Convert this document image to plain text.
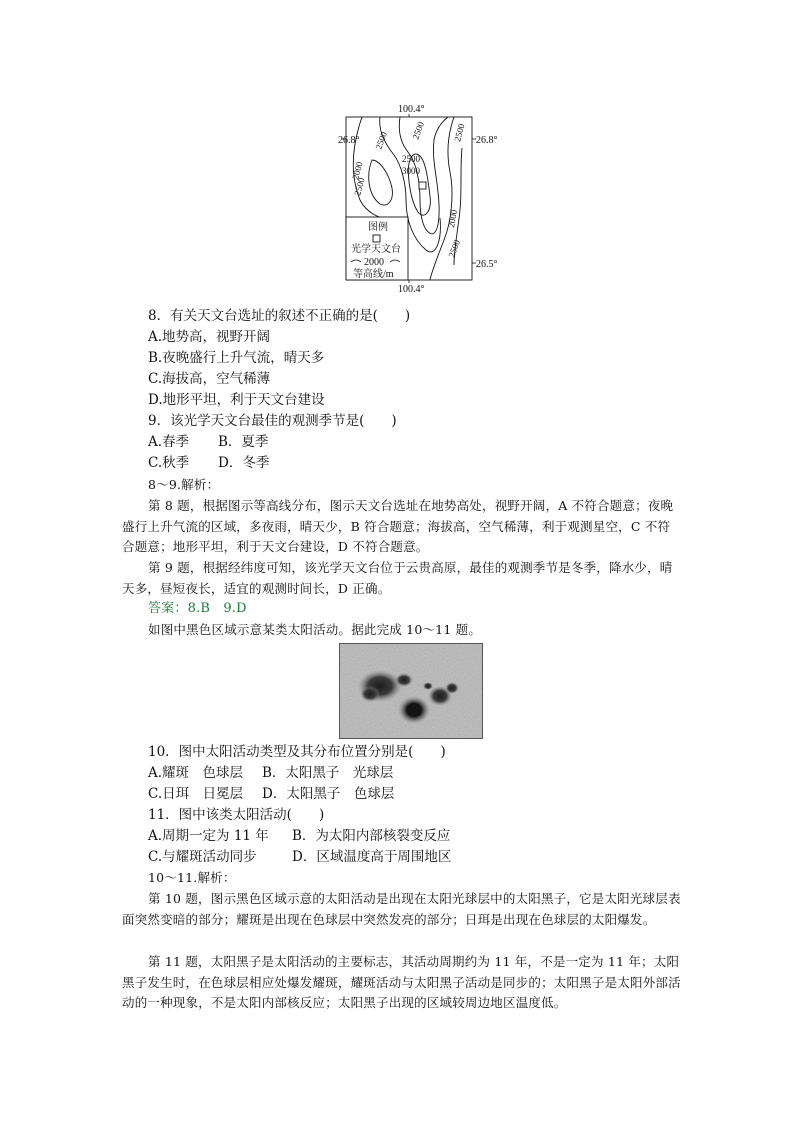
100.4°
26.8°	26.8°
26.5°
100.4°
2000
2500
2500 2500
2500
3000
2500
2000
2500
图例
光学天文台
2000
等高线/m
8．有关天文台选址的叙述不正确的是(　　)
A.地势高，视野开阔
B.夜晚盛行上升气流，晴天多
C.海拔高，空气稀薄
D.地形平坦，利于天文台建设
9．该光学天文台最佳的观测季节是(　　)
A.春季 B．夏季
C.秋季 D．冬季
8～9.解析：
第 8 题，根据图示等高线分布，图示天文台选址在地势高处，视野开阔，A 不符合题意；夜晚盛行上升气流的区域，多夜雨，晴天少，B 符合题意；海拔高，空气稀薄，利于观测星空，C 不符合题意；地形平坦，利于天文台建设，D 不符合题意。
第 9 题，根据经纬度可知，该光学天文台位于云贵高原，最佳的观测季节是冬季，降水少，晴天多，昼短夜长，适宜的观测时间长，D 正确。
答案：8.B　9.D
如图中黑色区域示意某类太阳活动。据此完成 10～11 题。
10．图中太阳活动类型及其分布位置分别是(　　)
A.耀斑　色球层 B．太阳黑子　光球层
C.日珥　日冕层 D．太阳黑子　色球层
11．图中该类太阳活动(　　)
A.周期一定为 11 年 B．为太阳内部核裂变反应
C.与耀斑活动同步	D．区域温度高于周围地区
10～11.解析：
第 10 题，图示黑色区域示意的太阳活动是出现在太阳光球层中的太阳黑子，它是太阳光球层表面突然变暗的部分；耀斑是出现在色球层中突然发亮的部分；日珥是出现在色球层的太阳爆发。
第 11 题，太阳黑子是太阳活动的主要标志，其活动周期约为 11 年，不是一定为 11 年；太阳黑子发生时，在色球层相应处爆发耀斑，耀斑活动与太阳黑子活动是同步的；太阳黑子是太阳外部活动的一种现象，不是太阳内部核反应；太阳黑子出现的区域较周边地区温度低。
